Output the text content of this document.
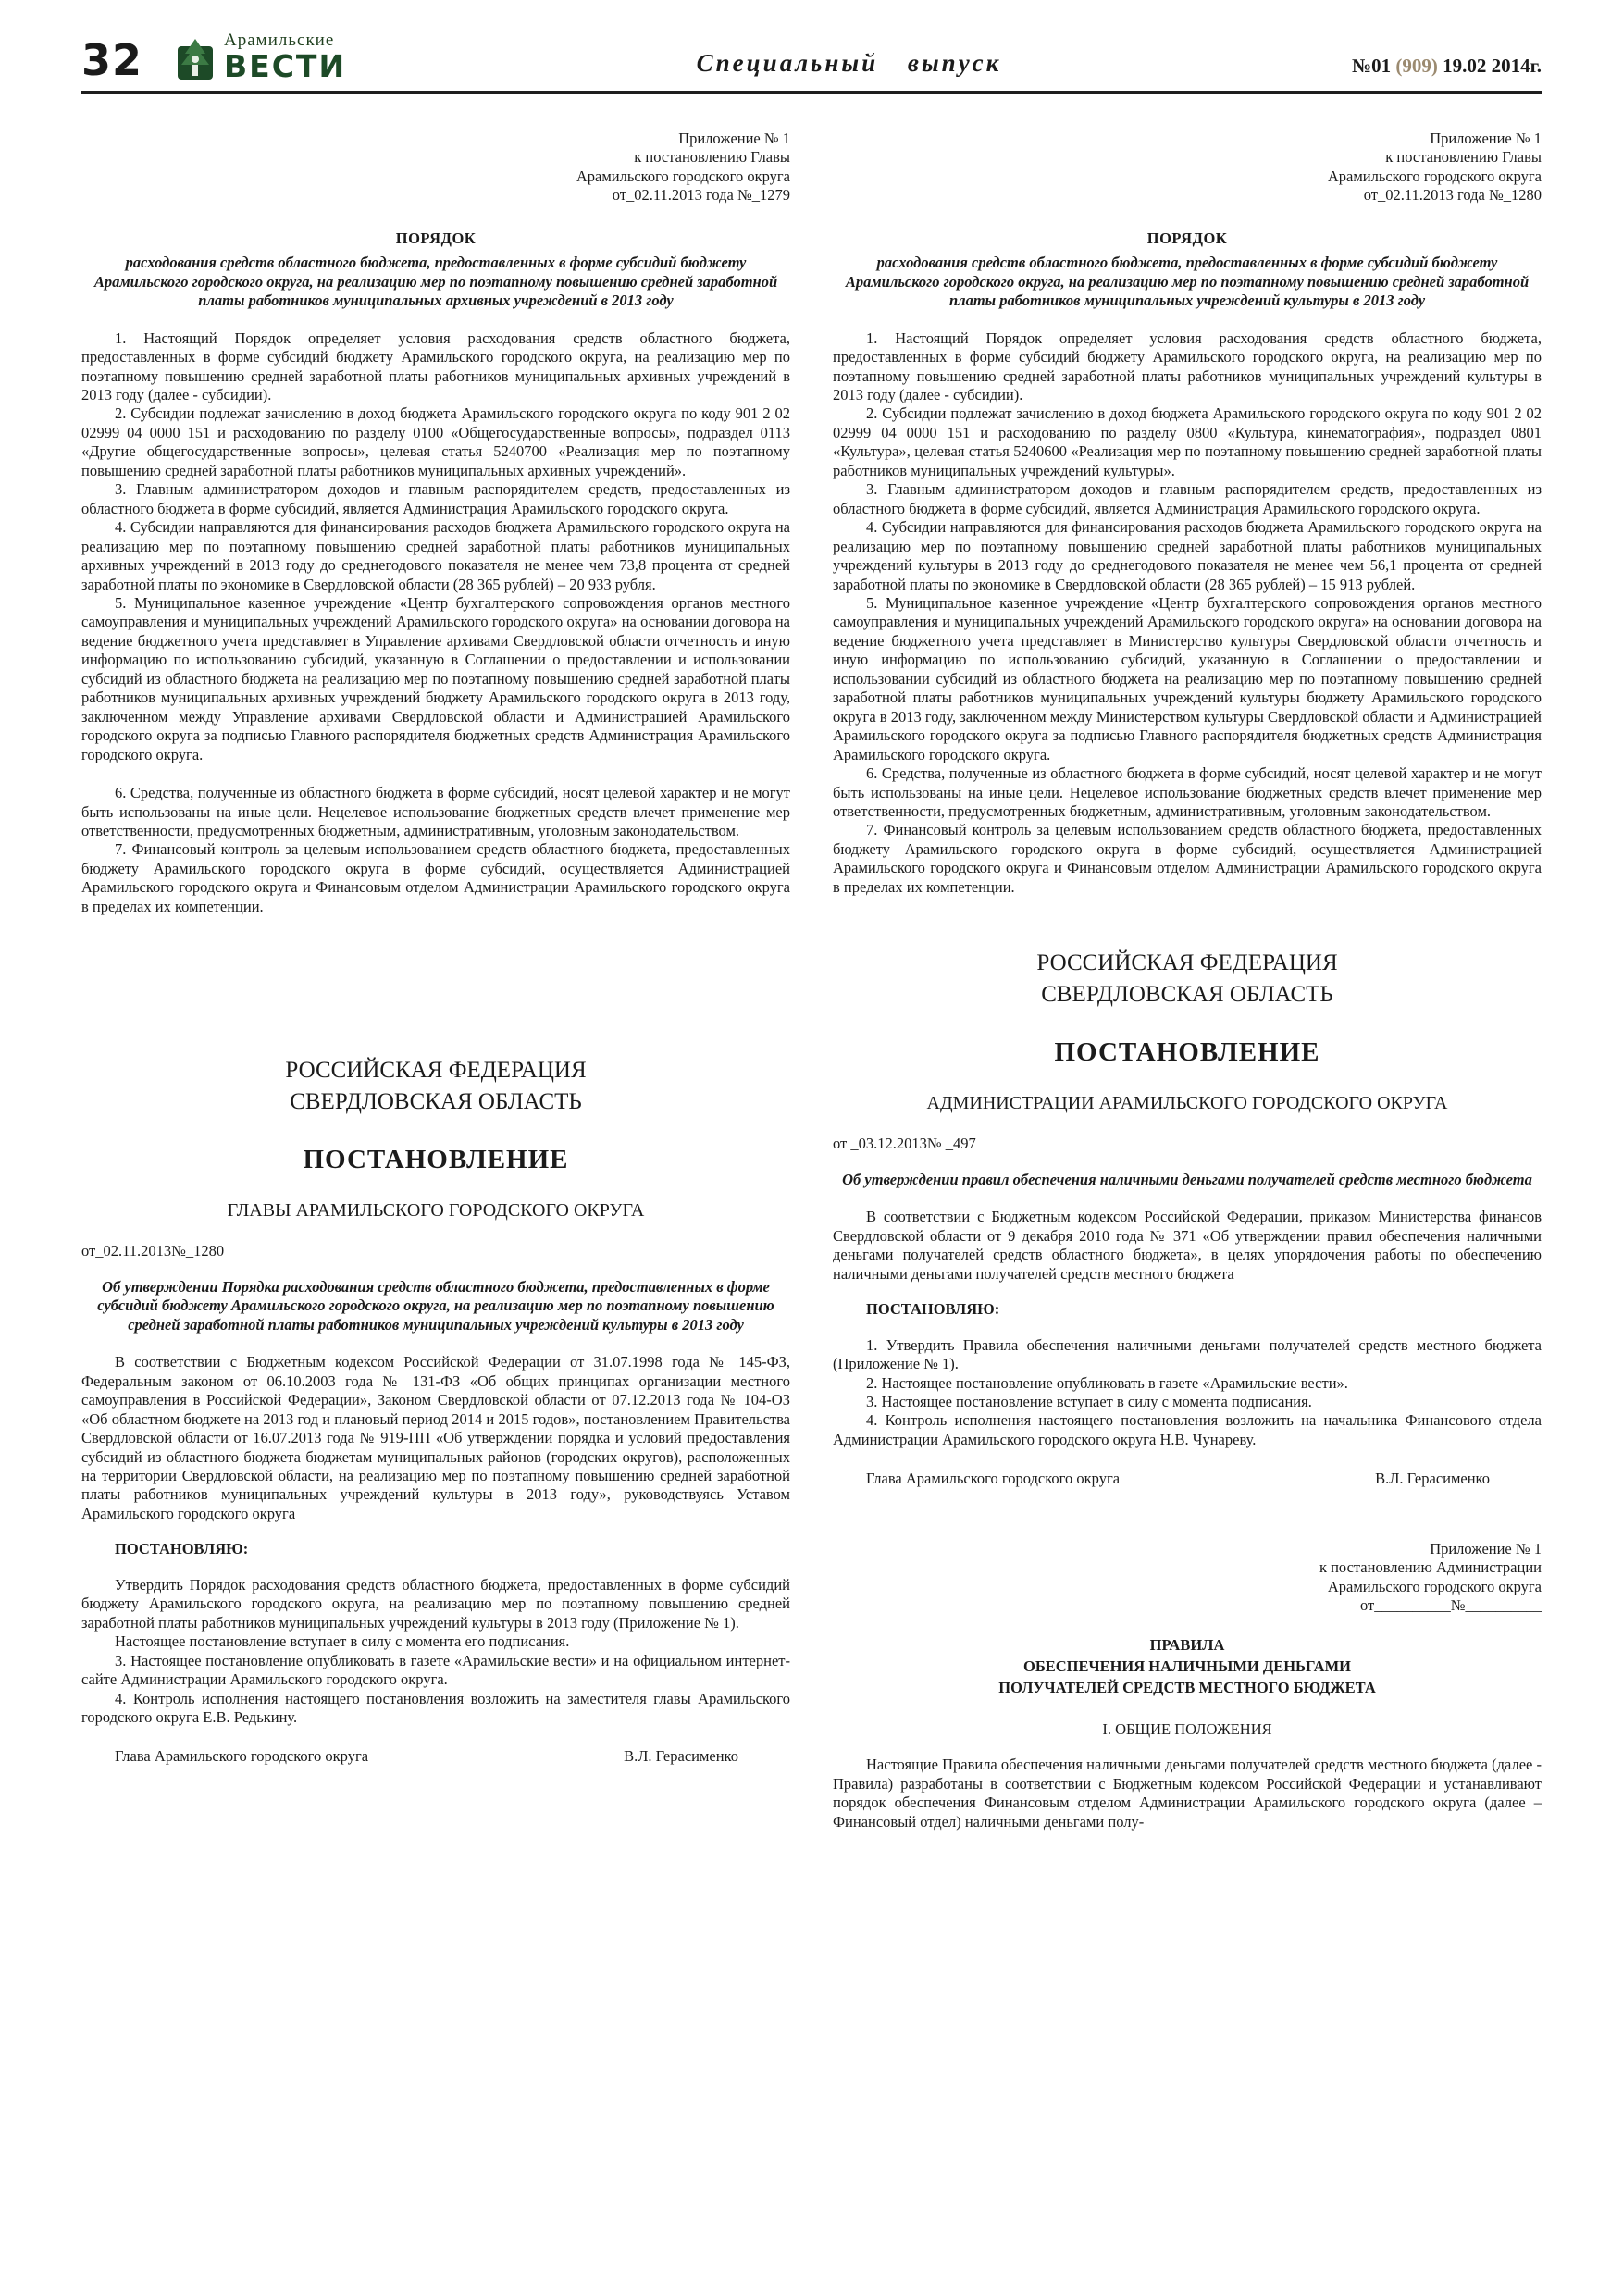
32	Арамильские
ВЕСТИ	Специальный выпуск	№01 (909) 19.02 2014г.
Приложение № 1
к постановлению Главы
Арамильского городского округа
от_02.11.2013 года №_1279
ПОРЯДОК
расходования средств областного бюджета, предоставленных в форме субсидий бюджету Арамильского городского округа, на реализацию мер по поэтапному повышению средней заработной платы работников муниципальных архивных учреждений в 2013 году
1. Настоящий Порядок определяет условия расходования средств областного бюджета, предоставленных в форме субсидий бюджету Арамильского городского округа, на реализацию мер по поэтапному повышению средней заработной платы работников муниципальных архивных учреждений в 2013 году (далее - субсидии).
2. Субсидии подлежат зачислению в доход бюджета Арамильского городского округа по коду 901 2 02 02999 04 0000 151 и расходованию по разделу 0100 «Общегосударственные вопросы», подраздел 0113 «Другие общегосударственные вопросы», целевая статья 5240700 «Реализация мер по поэтапному повышению средней заработной платы работников муниципальных архивных учреждений».
3. Главным администратором доходов и главным распорядителем средств, предоставленных из областного бюджета в форме субсидий, является Администрация Арамильского городского округа.
4. Субсидии направляются для финансирования расходов бюджета Арамильского городского округа на реализацию мер по поэтапному повышению средней заработной платы работников муниципальных архивных учреждений в 2013 году до среднегодового показателя не менее чем 73,8 процента от средней заработной платы по экономике в Свердловской области (28 365 рублей) – 20 933 рубля.
5. Муниципальное казенное учреждение «Центр бухгалтерского сопровождения органов местного самоуправления и муниципальных учреждений Арамильского городского округа» на основании договора на ведение бюджетного учета представляет в Управление архивами Свердловской области отчетность и иную информацию по использованию субсидий, указанную в Соглашении о предоставлении и использовании субсидий из областного бюджета на реализацию мер по поэтапному повышению средней заработной платы работников муниципальных архивных учреждений бюджету Арамильского городского округа в 2013 году, заключенном между Управление архивами Свердловской области и Администрацией Арамильского городского округа за подписью Главного распорядителя бюджетных средств Администрация Арамильского городского округа.
6. Средства, полученные из областного бюджета в форме субсидий, носят целевой характер и не могут быть использованы на иные цели. Нецелевое использование бюджетных средств влечет применение мер ответственности, предусмотренных бюджетным, административным, уголовным законодательством.
7. Финансовый контроль за целевым использованием средств областного бюджета, предоставленных бюджету Арамильского городского округа в форме субсидий, осуществляется Администрацией Арамильского городского округа и Финансовым отделом Администрации Арамильского городского округа в пределах их компетенции.
РОССИЙСКАЯ ФЕДЕРАЦИЯ
СВЕРДЛОВСКАЯ ОБЛАСТЬ
ПОСТАНОВЛЕНИЕ
ГЛАВЫ АРАМИЛЬСКОГО ГОРОДСКОГО ОКРУГА
от_02.11.2013№_1280
Об утверждении Порядка расходования средств областного бюджета, предоставленных в форме субсидий бюджету Арамильского городского округа, на реализацию мер по поэтапному повышению средней заработной платы работников муниципальных учреждений культуры в 2013 году
В соответствии с Бюджетным кодексом Российской Федерации от 31.07.1998 года № 145-ФЗ, Федеральным законом от 06.10.2003 года № 131-ФЗ «Об общих принципах организации местного самоуправления в Российской Федерации», Законом Свердловской области от 07.12.2013 года № 104-ОЗ «Об областном бюджете на 2013 год и плановый период 2014 и 2015 годов», постановлением Правительства Свердловской области от 16.07.2013 года № 919-ПП «Об утверждении порядка и условий предоставления субсидий из областного бюджета бюджетам муниципальных районов (городских округов), расположенных на территории Свердловской области, на реализацию мер по поэтапному повышению средней заработной платы работников муниципальных учреждений культуры в 2013 году», руководствуясь Уставом Арамильского городского округа
ПОСТАНОВЛЯЮ:
Утвердить Порядок расходования средств областного бюджета, предоставленных в форме субсидий бюджету Арамильского городского округа, на реализацию мер по поэтапному повышению средней заработной платы работников муниципальных учреждений культуры в 2013 году (Приложение № 1).
Настоящее постановление вступает в силу с момента его подписания.
3. Настоящее постановление опубликовать в газете «Арамильские вести» и на официальном интернет-сайте Администрации Арамильского городского округа.
4. Контроль исполнения настоящего постановления возложить на заместителя главы Арамильского городского округа Е.В. Редькину.
Глава Арамильского городского округа	В.Л. Герасименко
Приложение № 1
к постановлению Главы
Арамильского городского округа
от_02.11.2013 года №_1280
ПОРЯДОК
расходования средств областного бюджета, предоставленных в форме субсидий бюджету Арамильского городского округа, на реализацию мер по поэтапному повышению средней заработной платы работников муниципальных учреждений культуры в 2013 году
1. Настоящий Порядок определяет условия расходования средств областного бюджета, предоставленных в форме субсидий бюджету Арамильского городского округа, на реализацию мер по поэтапному повышению средней заработной платы работников муниципальных учреждений культуры в 2013 году (далее - субсидии).
2. Субсидии подлежат зачислению в доход бюджета Арамильского городского округа по коду 901 2 02 02999 04 0000 151 и расходованию по разделу 0800 «Культура, кинематография», подраздел 0801 «Культура», целевая статья 5240600 «Реализация мер по поэтапному повышению средней заработной платы работников муниципальных учреждений культуры».
3. Главным администратором доходов и главным распорядителем средств, предоставленных из областного бюджета в форме субсидий, является Администрация Арамильского городского округа.
4. Субсидии направляются для финансирования расходов бюджета Арамильского городского округа на реализацию мер по поэтапному повышению средней заработной платы работников муниципальных учреждений культуры в 2013 году до среднегодового показателя не менее чем 56,1 процента от средней заработной платы по экономике в Свердловской области (28 365 рублей) – 15 913 рублей.
5. Муниципальное казенное учреждение «Центр бухгалтерского сопровождения органов местного самоуправления и муниципальных учреждений Арамильского городского округа» на основании договора на ведение бюджетного учета представляет в Министерство культуры Свердловской области отчетность и иную информацию по использованию субсидий, указанную в Соглашении о предоставлении и использовании субсидий из областного бюджета на реализацию мер по поэтапному повышению средней заработной платы работников муниципальных учреждений культуры бюджету Арамильского городского округа в 2013 году, заключенном между Министерством культуры Свердловской области и Администрацией Арамильского городского округа за подписью Главного распорядителя бюджетных средств Администрация Арамильского городского округа.
6. Средства, полученные из областного бюджета в форме субсидий, носят целевой характер и не могут быть использованы на иные цели. Нецелевое использование бюджетных средств влечет применение мер ответственности, предусмотренных бюджетным, административным, уголовным законодательством.
7. Финансовый контроль за целевым использованием средств областного бюджета, предоставленных бюджету Арамильского городского округа в форме субсидий, осуществляется Администрацией Арамильского городского округа и Финансовым отделом Администрации Арамильского городского округа в пределах их компетенции.
РОССИЙСКАЯ ФЕДЕРАЦИЯ
СВЕРДЛОВСКАЯ ОБЛАСТЬ
ПОСТАНОВЛЕНИЕ
АДМИНИСТРАЦИИ АРАМИЛЬСКОГО ГОРОДСКОГО ОКРУГА
от _03.12.2013№ _497
Об утверждении правил обеспечения наличными деньгами получателей средств местного бюджета
В соответствии с Бюджетным кодексом Российской Федерации, приказом Министерства финансов Свердловской области от 9 декабря 2010 года № 371 «Об утверждении правил обеспечения наличными деньгами получателей средств областного бюджета», в целях упорядочения работы по обеспечению наличными деньгами получателей средств местного бюджета
ПОСТАНОВЛЯЮ:
1. Утвердить Правила обеспечения наличными деньгами получателей средств местного бюджета (Приложение № 1).
2. Настоящее постановление опубликовать в газете «Арамильские вести».
3. Настоящее постановление вступает в силу с момента подписания.
4. Контроль исполнения настоящего постановления возложить на начальника Финансового отдела Администрации Арамильского городского округа Н.В. Чунареву.
Глава Арамильского городского округа	В.Л. Герасименко
Приложение № 1
к постановлению Администрации
Арамильского городского округа
от__________№__________
ПРАВИЛА
ОБЕСПЕЧЕНИЯ НАЛИЧНЫМИ ДЕНЬГАМИ
ПОЛУЧАТЕЛЕЙ СРЕДСТВ МЕСТНОГО БЮДЖЕТА
I. ОБЩИЕ ПОЛОЖЕНИЯ
Настоящие Правила обеспечения наличными деньгами получателей средств местного бюджета (далее - Правила) разработаны в соответствии с Бюджетным кодексом Российской Федерации и устанавливают порядок обеспечения Финансовым отделом Администрации Арамильского городского округа (далее – Финансовый отдел) наличными деньгами полу-
